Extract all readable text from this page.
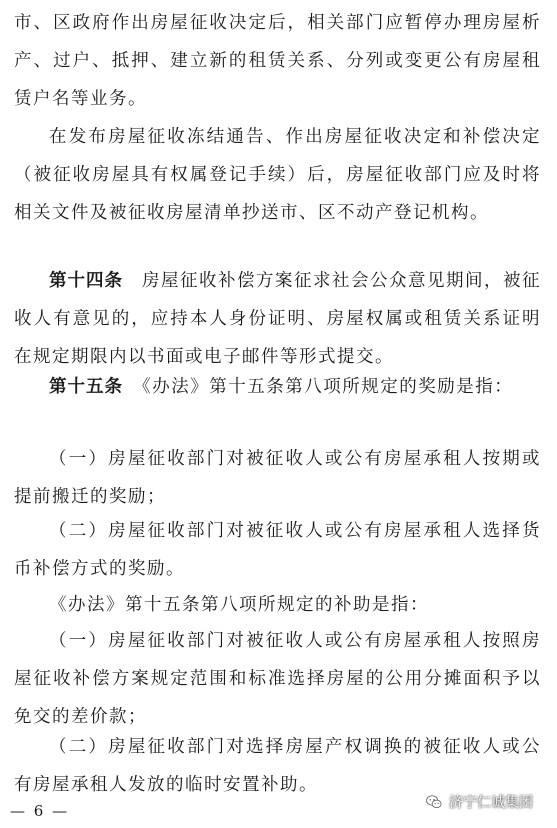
市、区政府作出房屋征收决定后，相关部门应暂停办理房屋析产、过户、抵押、建立新的租赁关系、分列或变更公有房屋租赁户名等业务。

在发布房屋征收冻结通告、作出房屋征收决定和补偿决定（被征收房屋具有权属登记手续）后，房屋征收部门应及时将相关文件及被征收房屋清单抄送市、区不动产登记机构。

第十四条　房屋征收补偿方案征求社会公众意见期间，被征收人有意见的，应持本人身份证明、房屋权属或租赁关系证明在规定期限内以书面或电子邮件等形式提交。

第十五条　《办法》第十五条第八项所规定的奖励是指：

（一）房屋征收部门对被征收人或公有房屋承租人按期或提前搬迁的奖励；

（二）房屋征收部门对被征收人或公有房屋承租人选择货币补偿方式的奖励。

《办法》第十五条第八项所规定的补助是指：

（一）房屋征收部门对被征收人或公有房屋承租人按照房屋征收补偿方案规定范围和标准选择房屋的公用分摊面积予以免交的差价款；

（二）房屋征收部门对选择房屋产权调换的被征收人或公有房屋承租人发放的临时安置补助。

— 6 —	济宁仁诚集团
